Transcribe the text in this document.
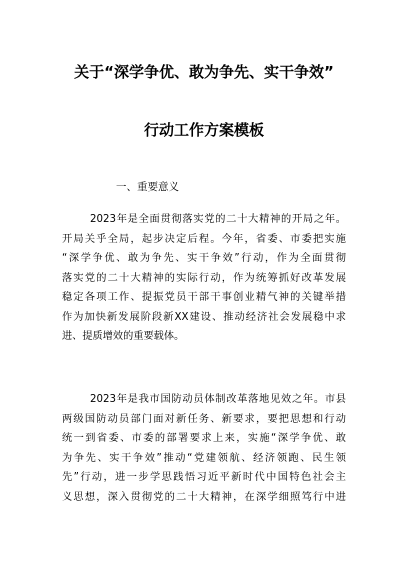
关于“深学争优、敢为争先、实干争效”
行动工作方案模板
一、重要意义
2023年是全面贯彻落实党的二十大精神的开局之年。
开局关乎全局，起步决定后程。今年，省委、市委把实施
“深学争优、敢为争先、实干争效”行动，作为全面贯彻
落实党的二十大精神的实际行动，作为统筹抓好改革发展
稳定各项工作、提振党员干部干事创业精气神的关键举措
作为加快新发展阶段新XX建设、推动经济社会发展稳中求
进、提质增效的重要载体。
2023年是我市国防动员体制改革落地见效之年。市县
两级国防动员部门面对新任务、新要求，要把思想和行动
统一到省委、市委的部署要求上来，实施“深学争优、敢
为争先、实干争效”推动“党建领航、经济领跑、民生领
先”行动，进一步学思践悟习近平新时代中国特色社会主
义思想，深入贯彻党的二十大精神，在深学细照笃行中进
